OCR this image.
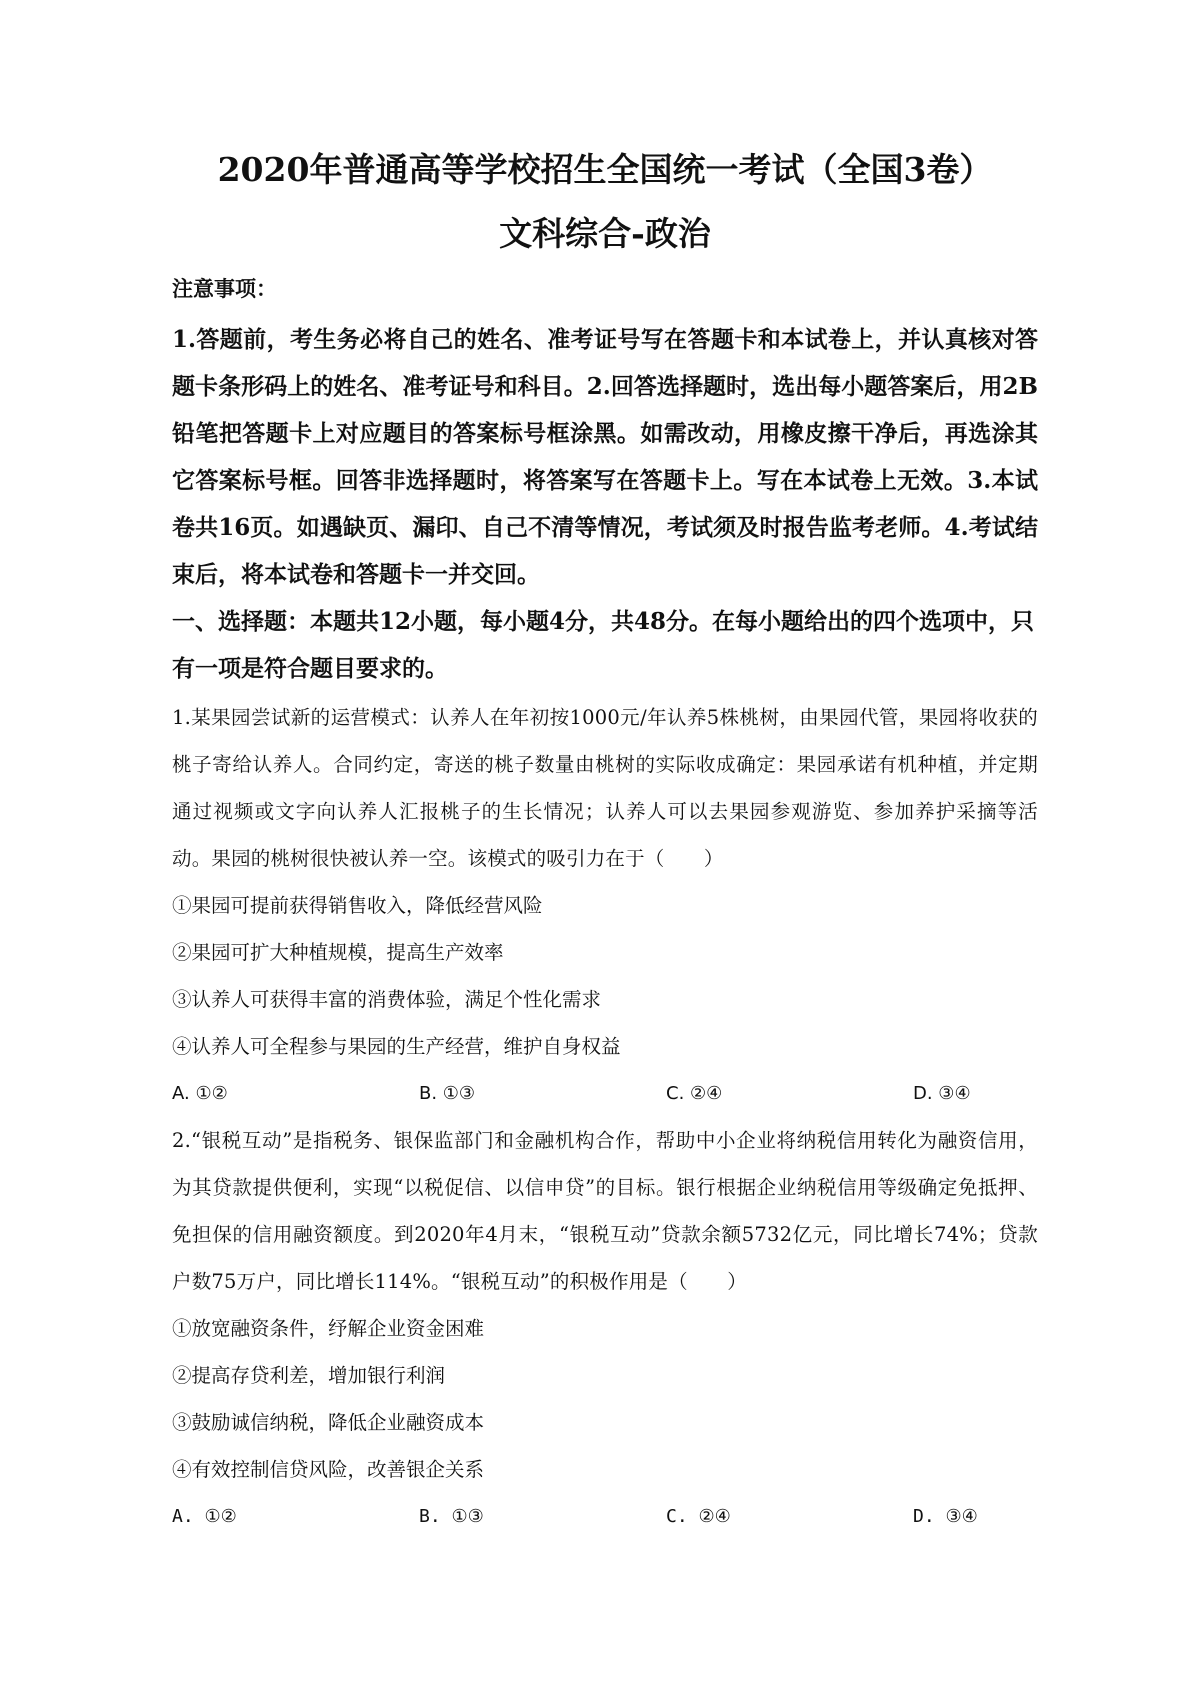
2020年普通高等学校招生全国统一考试（全国3卷）
文科综合-政治
注意事项：

1.答题前，考生务必将自己的姓名、准考证号写在答题卡和本试卷上，并认真核对答题卡条形码上的姓名、准考证号和科目。2.回答选择题时，选出每小题答案后，用2B铅笔把答题卡上对应题目的答案标号框涂黑。如需改动，用橡皮擦干净后，再选涂其它答案标号框。回答非选择题时，将答案写在答题卡上。写在本试卷上无效。3.本试卷共16页。如遇缺页、漏印、自己不清等情况，考试须及时报告监考老师。4.考试结束后，将本试卷和答题卡一并交回。

一、选择题：本题共12小题，每小题4分，共48分。在每小题给出的四个选项中，只有一项是符合题目要求的。

1.某果园尝试新的运营模式：认养人在年初按1000元/年认养5株桃树，由果园代管，果园将收获的桃子寄给认养人。合同约定，寄送的桃子数量由桃树的实际收成确定：果园承诺有机种植，并定期通过视频或文字向认养人汇报桃子的生长情况；认养人可以去果园参观游览、参加养护采摘等活动。果园的桃树很快被认养一空。该模式的吸引力在于（　　）

①果园可提前获得销售收入，降低经营风险
②果园可扩大种植规模，提高生产效率
③认养人可获得丰富的消费体验，满足个性化需求
④认养人可全程参与果园的生产经营，维护自身权益
A. ①②	B. ①③	C. ②④	D. ③④

2.“银税互动”是指税务、银保监部门和金融机构合作，帮助中小企业将纳税信用转化为融资信用，为其贷款提供便利，实现“以税促信、以信申贷”的目标。银行根据企业纳税信用等级确定免抵押、免担保的信用融资额度。到2020年4月末，“银税互动”贷款余额5732亿元，同比增长74%；贷款户数75万户，同比增长114%。“银税互动”的积极作用是（　　）

①放宽融资条件，纾解企业资金困难
②提高存贷利差，增加银行利润
③鼓励诚信纳税，降低企业融资成本
④有效控制信贷风险，改善银企关系
A. ①②	B. ①③	C. ②④	D. ③④
